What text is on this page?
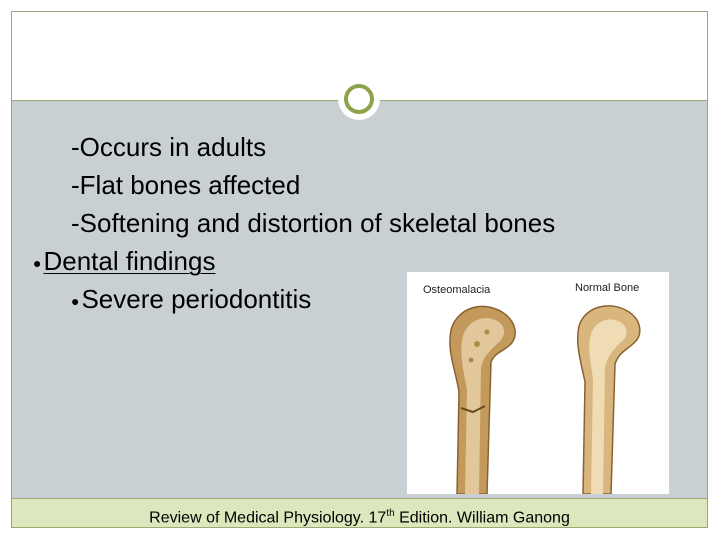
-Occurs in adults
-Flat bones affected
-Softening and distortion of skeletal bones
●Dental findings
●Severe periodontitis	Osteomalacia	Normal Bone
Review of Medical Physiology. 17th Edition. William Ganong
